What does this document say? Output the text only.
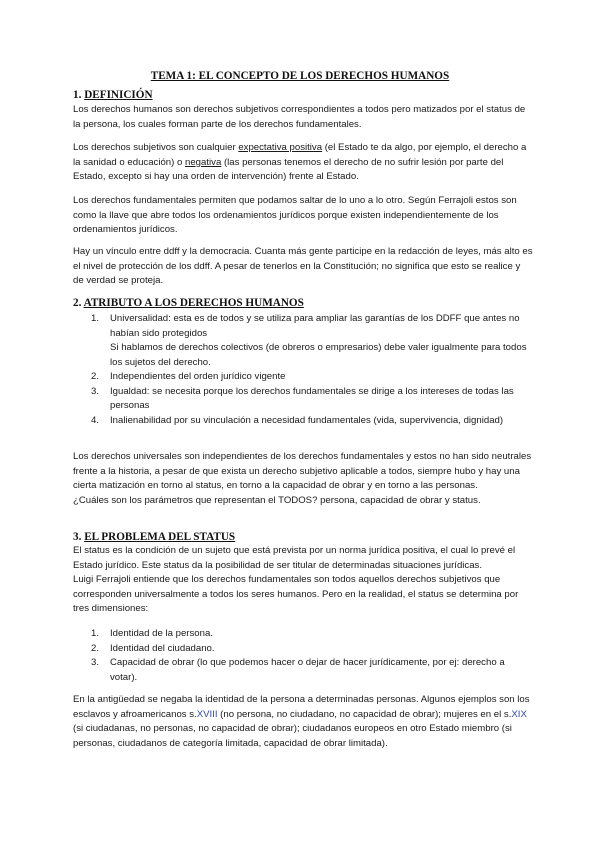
TEMA 1: EL CONCEPTO DE LOS DERECHOS HUMANOS
1. DEFINICIÓN

Los derechos humanos son derechos subjetivos correspondientes a todos pero matizados por el status de la persona, los cuales forman parte de los derechos fundamentales.

Los derechos subjetivos son cualquier expectativa positiva (el Estado te da algo, por ejemplo, el derecho a la sanidad o educación) o negativa (las personas tenemos el derecho de no sufrir lesión por parte del Estado, excepto si hay una orden de intervención) frente al Estado.

Los derechos fundamentales permiten que podamos saltar de lo uno a lo otro. Según Ferrajoli estos son como la llave que abre todos los ordenamientos jurídicos porque existen independientemente de los ordenamientos jurídicos.

Hay un vínculo entre ddff y la democracia. Cuanta más gente participe en la redacción de leyes, más alto es el nivel de protección de los ddff. A pesar de tenerlos en la Constitución; no significa que esto se realice y de verdad se proteja.

2. ATRIBUTO A LOS DERECHOS HUMANOS
1. Universalidad: esta es de todos y se utiliza para ampliar las garantías de los DDFF que antes no habían sido protegidos
Si hablamos de derechos colectivos (de obreros o empresarios) debe valer igualmente para todos los sujetos del derecho.
2. Independientes del orden jurídico vigente
3. Igualdad: se necesita porque los derechos fundamentales se dirige a los intereses de todas las personas
4. Inalienabilidad por su vinculación a necesidad fundamentales (vida, supervivencia, dignidad)

Los derechos universales son independientes de los derechos fundamentales y estos no han sido neutrales frente a la historia, a pesar de que exista un derecho subjetivo aplicable a todos, siempre hubo y hay una cierta matización en torno al status, en torno a la capacidad de obrar y en torno a las personas.

¿Cuáles son los parámetros que representan el TODOS? persona, capacidad de obrar y status.

3. EL PROBLEMA DEL STATUS

El status es la condición de un sujeto que está prevista por un norma jurídica positiva, el cual lo prevé el Estado jurídico. Este status da la posibilidad de ser titular de determinadas situaciones jurídicas.

Luigi Ferrajoli entiende que los derechos fundamentales son todos aquellos derechos subjetivos que corresponden universalmente a todos los seres humanos. Pero en la realidad, el status se determina por tres dimensiones:

1. Identidad de la persona.
2. Identidad del ciudadano.
3. Capacidad de obrar (lo que podemos hacer o dejar de hacer jurídicamente, por ej: derecho a votar).

En la antigüedad se negaba la identidad de la persona a determinadas personas. Algunos ejemplos son los esclavos y afroamericanos s.XVIII (no persona, no ciudadano, no capacidad de obrar); mujeres en el s.XIX (si ciudadanas, no personas, no capacidad de obrar); ciudadanos europeos en otro Estado miembro (si personas, ciudadanos de categoría limitada, capacidad de obrar limitada).
